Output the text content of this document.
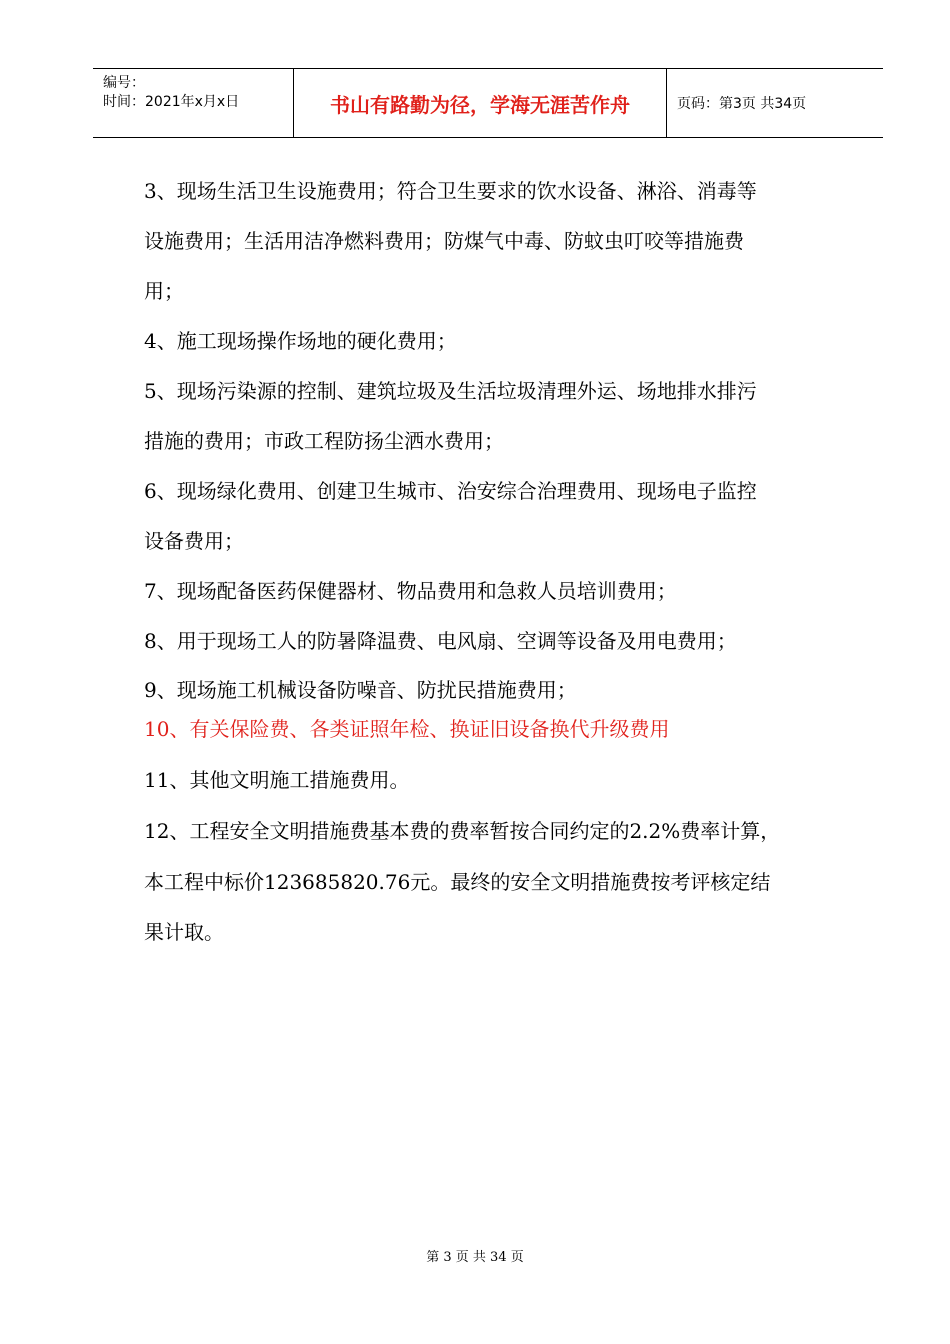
编号：
时间：2021年x月x日	书山有路勤为径，学海无涯苦作舟	页码：第3页 共34页
3、现场生活卫生设施费用；符合卫生要求的饮水设备、淋浴、消毒等
设施费用；生活用洁净燃料费用；防煤气中毒、防蚊虫叮咬等措施费
用；
4、施工现场操作场地的硬化费用；
5、现场污染源的控制、建筑垃圾及生活垃圾清理外运、场地排水排污
措施的费用；市政工程防扬尘洒水费用；
6、现场绿化费用、创建卫生城市、治安综合治理费用、现场电子监控
设备费用；
7、现场配备医药保健器材、物品费用和急救人员培训费用；
8、用于现场工人的防暑降温费、电风扇、空调等设备及用电费用；
9、现场施工机械设备防噪音、防扰民措施费用；
10、有关保险费、各类证照年检、换证旧设备换代升级费用
11、其他文明施工措施费用。
12、工程安全文明措施费基本费的费率暂按合同约定的2.2%费率计算，
本工程中标价123685820.76元。最终的安全文明措施费按考评核定结
果计取。
第 3 页 共 34 页
